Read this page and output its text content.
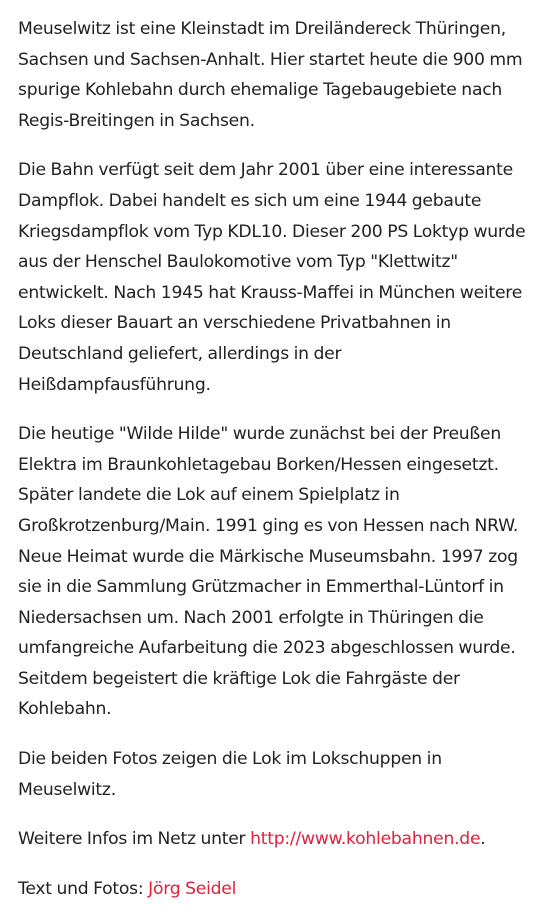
Meuselwitz ist eine Kleinstadt im Dreiländereck Thüringen, Sachsen und Sachsen-Anhalt. Hier startet heute die 900 mm spurige Kohlebahn durch ehemalige Tagebaugebiete nach Regis-Breitingen in Sachsen.

Die Bahn verfügt seit dem Jahr 2001 über eine interessante Dampflok. Dabei handelt es sich um eine 1944 gebaute Kriegsdampflok vom Typ KDL10. Dieser 200 PS Loktyp wurde aus der Henschel Baulokomotive vom Typ "Klettwitz" entwickelt. Nach 1945 hat Krauss-Maffei in München weitere Loks dieser Bauart an verschiedene Privatbahnen in Deutschland geliefert, allerdings in der Heißdampfausführung.

Die heutige "Wilde Hilde" wurde zunächst bei der Preußen Elektra im Braunkohletagebau Borken/Hessen eingesetzt. Später landete die Lok auf einem Spielplatz in Großkrotzenburg/Main. 1991 ging es von Hessen nach NRW. Neue Heimat wurde die Märkische Museumsbahn. 1997 zog sie in die Sammlung Grützmacher in Emmerthal-Lüntorf in Niedersachsen um. Nach 2001 erfolgte in Thüringen die umfangreiche Aufarbeitung die 2023 abgeschlossen wurde. Seitdem begeistert die kräftige Lok die Fahrgäste der Kohlebahn.

Die beiden Fotos zeigen die Lok im Lokschuppen in Meuselwitz.

Weitere Infos im Netz unter http://www.kohlebahnen.de.

Text und Fotos: Jörg Seidel
